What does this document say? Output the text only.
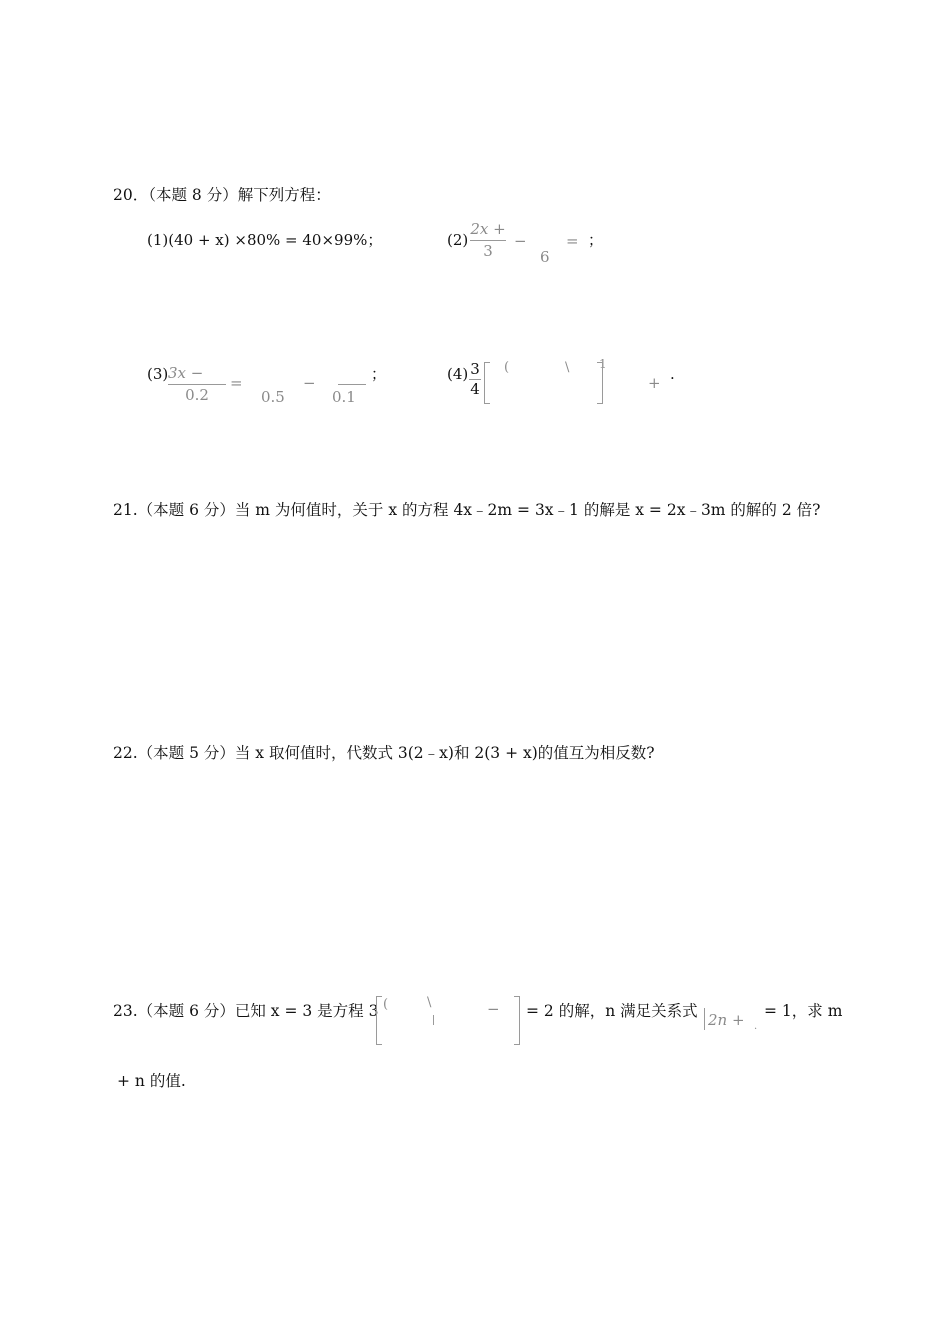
20．（本题 8 分）解下列方程：
(1)(40 + x) ×80% = 40×99%；	(2)
2x +
3
−
6
= ；
(3) 3x −
0.2
=
0.5
−
0.1
；	(4) 3
4
(	\ 1
+ .
21.（本题 6 分）当 m 为何值时，关于 x 的方程 4x﹣2m = 3x﹣1 的解是 x = 2x﹣3m 的解的 2 倍?
22.（本题 5 分）当 x 取何值时，代数式 3(2﹣x)和 2(3 + x)的值互为相反数?
23.（本题 6 分）已知 x = 3 是方程 3 (	\	− = 2 的解，n 满足关系式 2n + .
= 1，求 m
+ n 的值.
